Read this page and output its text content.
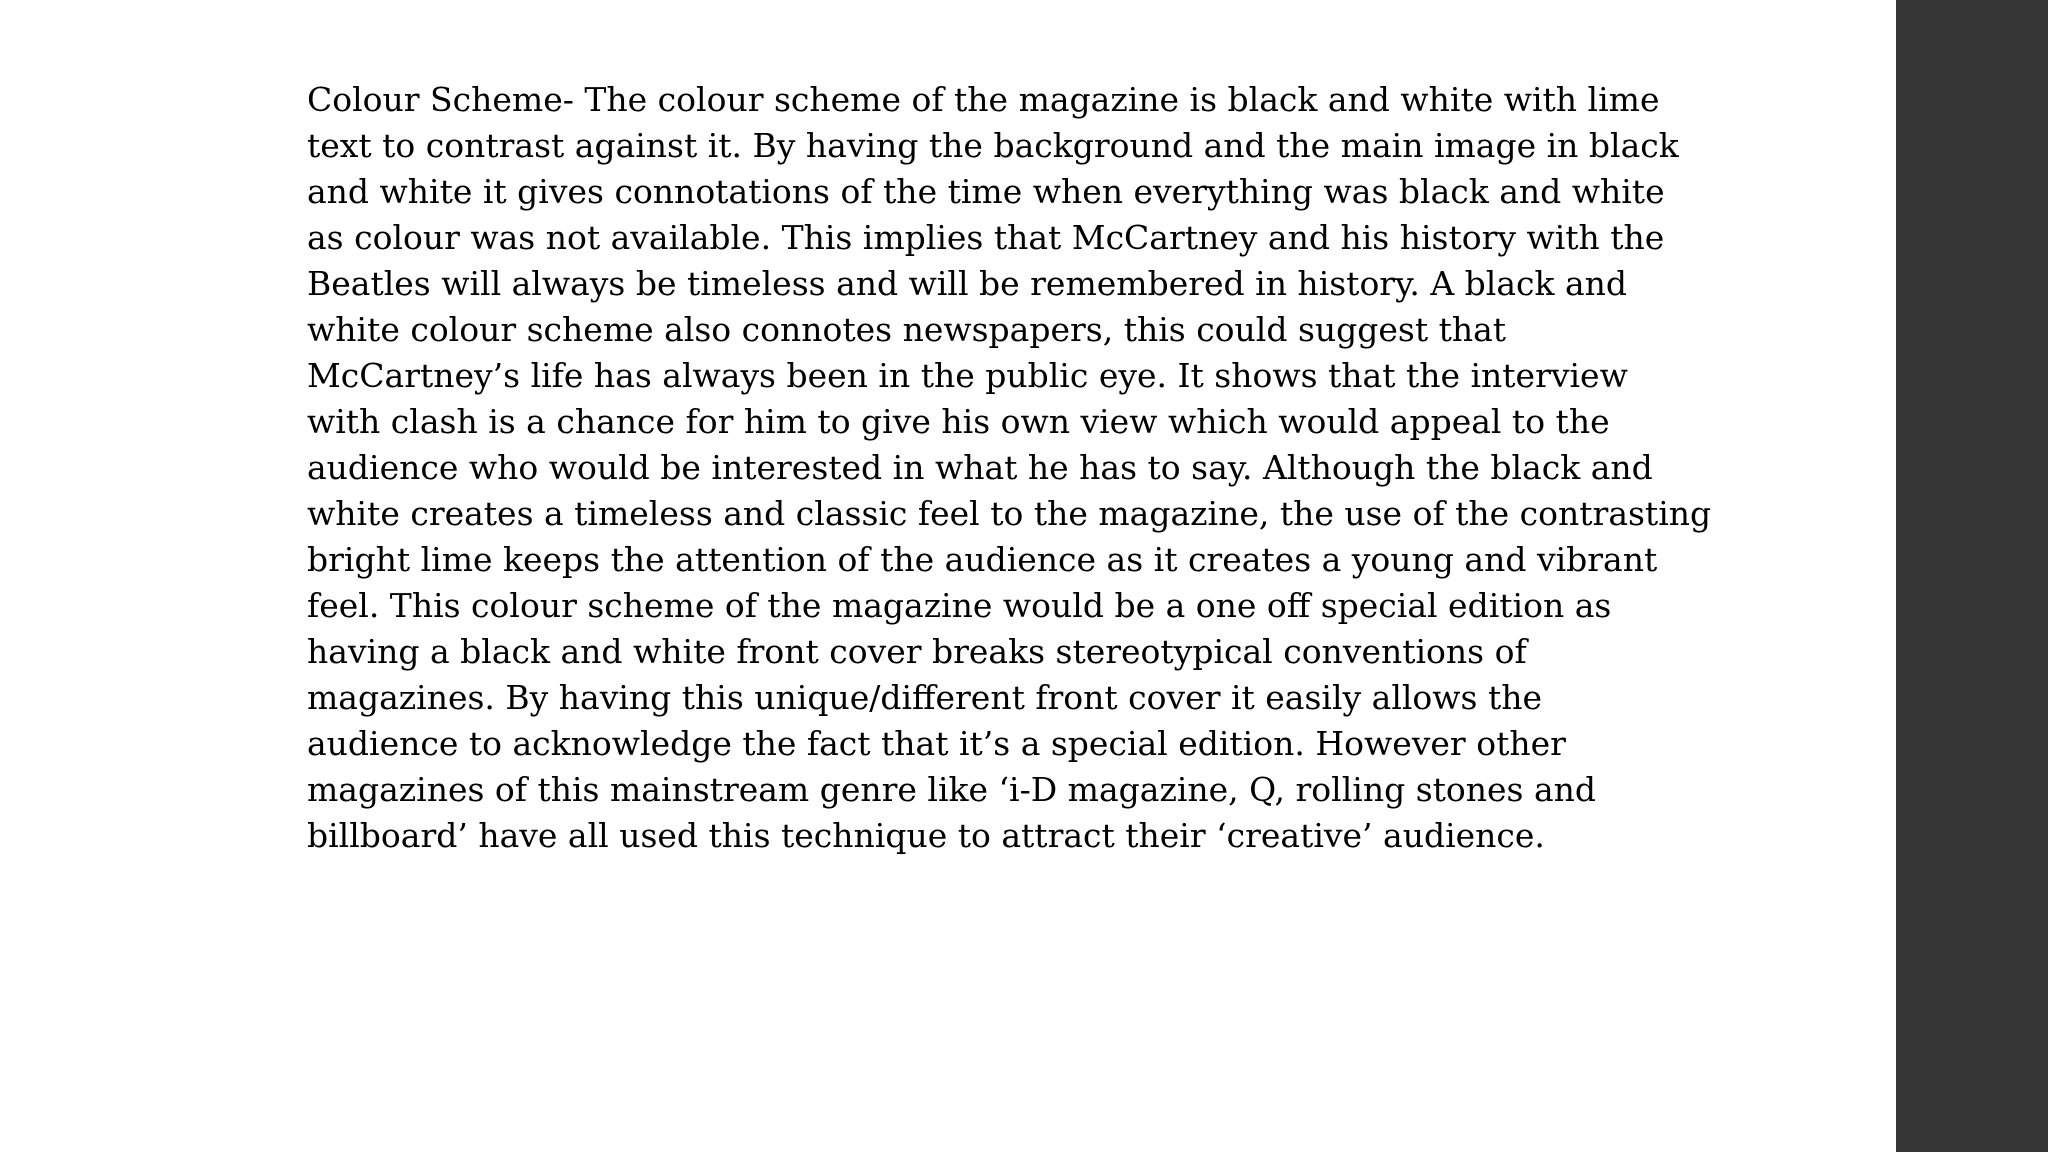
Colour Scheme- The colour scheme of the magazine is black and white with lime
text to contrast against it. By having the background and the main image in black
and white it gives connotations of the time when everything was black and white
as colour was not available. This implies that McCartney and his history with the
Beatles will always be timeless and will be remembered in history. A black and
white colour scheme also connotes newspapers, this could suggest that
McCartney’s life has always been in the public eye. It shows that the interview
with clash is a chance for him to give his own view which would appeal to the
audience who would be interested in what he has to say. Although the black and
white creates a timeless and classic feel to the magazine, the use of the contrasting
bright lime keeps the attention of the audience as it creates a young and vibrant
feel. This colour scheme of the magazine would be a one off special edition as
having a black and white front cover breaks stereotypical conventions of
magazines. By having this unique/different front cover it easily allows the
audience to acknowledge the fact that it’s a special edition. However other
magazines of this mainstream genre like ‘i-D magazine, Q, rolling stones and
billboard’ have all used this technique to attract their ‘creative’ audience.
